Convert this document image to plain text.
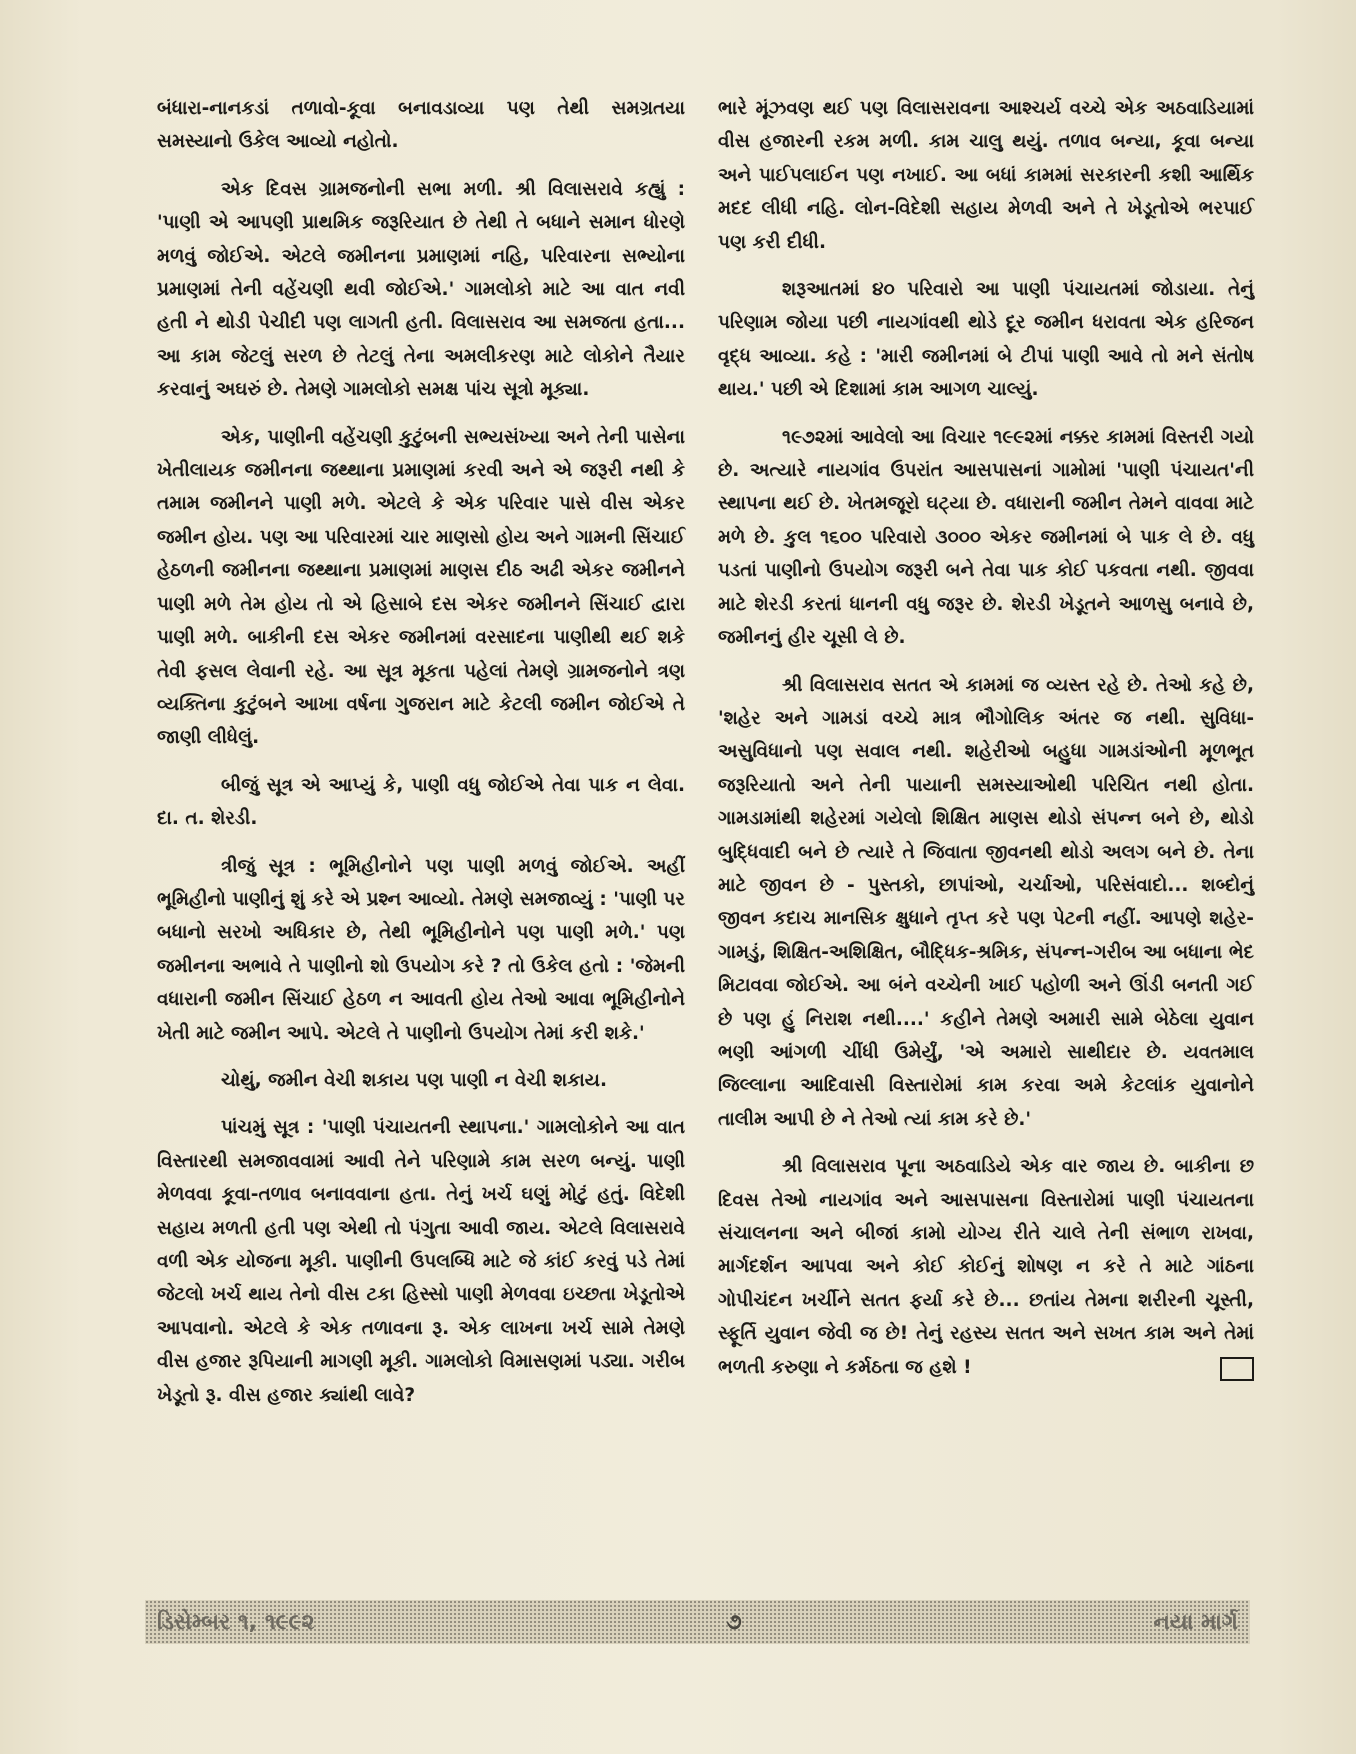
બંધારા-નાનકડાં તળાવો-કૂવા બનાવડાવ્યા પણ તેથી સમગ્રતયા સમસ્યાનો ઉકેલ આવ્યો નહોતો.

એક દિવસ ગ્રામજનોની સભા મળી. શ્રી વિલાસરાવે કહ્યું : 'પાણી એ આપણી પ્રાથમિક જરૂરિયાત છે તેથી તે બધાને સમાન ધોરણે મળવું જોઈએ. એટલે જમીનના પ્રમાણમાં નહિ, પરિવારના સભ્યોના પ્રમાણમાં તેની વહેંચણી થવી જોઈએ.' ગામલોકો માટે આ વાત નવી હતી ને થોડી પેચીદી પણ લાગતી હતી. વિલાસરાવ આ સમજતા હતા... આ કામ જેટલું સરળ છે તેટલું તેના અમલીકરણ માટે લોકોને તૈયાર કરવાનું અઘરું છે. તેમણે ગામલોકો સમક્ષ પાંચ સૂત્રો મૂક્યા.

એક, પાણીની વહેંચણી કુટુંબની સભ્યસંખ્યા અને તેની પાસેના ખેતીલાયક જમીનના જથ્થાના પ્રમાણમાં કરવી અને એ જરૂરી નથી કે તમામ જમીનને પાણી મળે. એટલે કે એક પરિવાર પાસે વીસ એકર જમીન હોય. પણ આ પરિવારમાં ચાર માણસો હોય અને ગામની સિંચાઈ હેઠળની જમીનના જથ્થાના પ્રમાણમાં માણસ દીઠ અઢી એકર જમીનને પાણી મળે તેમ હોય તો એ હિસાબે દસ એકર જમીનને સિંચાઈ દ્વારા પાણી મળે. બાકીની દસ એકર જમીનમાં વરસાદના પાણીથી થઈ શકે તેવી ફસલ લેવાની રહે. આ સૂત્ર મૂકતા પહેલાં તેમણે ગ્રામજનોને ત્રણ વ્યક્તિના કુટુંબને આખા વર્ષના ગુજરાન માટે કેટલી જમીન જોઈએ તે જાણી લીધેલું.

બીજું સૂત્ર એ આપ્યું કે, પાણી વધુ જોઈએ તેવા પાક ન લેવા. દા. ત. શેરડી.

ત્રીજું સૂત્ર : ભૂમિહીનોને પણ પાણી મળવું જોઈએ. અહીં ભૂમિહીનો પાણીનું શું કરે એ પ્રશ્ન આવ્યો. તેમણે સમજાવ્યું : 'પાણી પર બધાનો સરખો અધિકાર છે, તેથી ભૂમિહીનોને પણ પાણી મળે.' પણ જમીનના અભાવે તે પાણીનો શો ઉપયોગ કરે ? તો ઉકેલ હતો : 'જેમની વધારાની જમીન સિંચાઈ હેઠળ ન આવતી હોય તેઓ આવા ભૂમિહીનોને ખેતી માટે જમીન આપે. એટલે તે પાણીનો ઉપયોગ તેમાં કરી શકે.'

ચોથું, જમીન વેચી શકાય પણ પાણી ન વેચી શકાય.

પાંચમું સૂત્ર : 'પાણી પંચાયતની સ્થાપના.' ગામલોકોને આ વાત વિસ્તારથી સમજાવવામાં આવી તેને પરિણામે કામ સરળ બન્યું. પાણી મેળવવા કૂવા-તળાવ બનાવવાના હતા. તેનું ખર્ચ ઘણું મોટું હતું. વિદેશી સહાય મળતી હતી પણ એથી તો પંગુતા આવી જાય. એટલે વિલાસરાવે વળી એક યોજના મૂકી. પાણીની ઉપલબ્ધિ માટે જે કાંઈ કરવું પડે તેમાં જેટલો ખર્ચ થાય તેનો વીસ ટકા હિસ્સો પાણી મેળવવા ઇચ્છતા ખેડૂતોએ આપવાનો. એટલે કે એક તળાવના રૂ. એક લાખના ખર્ચ સામે તેમણે વીસ હજાર રૂપિયાની માગણી મૂકી. ગામલોકો વિમાસણમાં પડ્યા. ગરીબ ખેડૂતો રૂ. વીસ હજાર ક્યાંથી લાવે?

ભારે મૂંઝવણ થઈ પણ વિલાસરાવના આશ્ચર્ય વચ્ચે એક અઠવાડિયામાં વીસ હજારની રકમ મળી. કામ ચાલુ થયું. તળાવ બન્યા, કૂવા બન્યા અને પાઈપલાઈન પણ નખાઈ. આ બધાં કામમાં સરકારની કશી આર્થિક મદદ લીધી નહિ. લોન-વિદેશી સહાય મેળવી અને તે ખેડૂતોએ ભરપાઈ પણ કરી દીધી.

શરૂઆતમાં ૪૦ પરિવારો આ પાણી પંચાયતમાં જોડાયા. તેનું પરિણામ જોયા પછી નાયગાંવથી થોડે દૂર જમીન ધરાવતા એક હરિજન વૃદ્ધ આવ્યા. કહે : 'મારી જમીનમાં બે ટીપાં પાણી આવે તો મને સંતોષ થાય.' પછી એ દિશામાં કામ આગળ ચાલ્યું.

૧૯૭૨માં આવેલો આ વિચાર ૧૯૯૨માં નક્કર કામમાં વિસ્તરી ગયો છે. અત્યારે નાયગાંવ ઉપરાંત આસપાસનાં ગામોમાં 'પાણી પંચાયત'ની સ્થાપના થઈ છે. ખેતમજૂરો ઘટ્યા છે. વધારાની જમીન તેમને વાવવા માટે મળે છે. કુલ ૧૬૦૦ પરિવારો ૩૦૦૦ એકર જમીનમાં બે પાક લે છે. વધુ પડતાં પાણીનો ઉપયોગ જરૂરી બને તેવા પાક કોઈ પકવતા નથી. જીવવા માટે શેરડી કરતાં ધાનની વધુ જરૂર છે. શેરડી ખેડૂતને આળસુ બનાવે છે, જમીનનું હીર ચૂસી લે છે.

શ્રી વિલાસરાવ સતત એ કામમાં જ વ્યસ્ત રહે છે. તેઓ કહે છે, 'શહેર અને ગામડાં વચ્ચે માત્ર ભૌગોલિક અંતર જ નથી. સુવિધા-અસુવિધાનો પણ સવાલ નથી. શહેરીઓ બહુધા ગામડાંઓની મૂળભૂત જરૂરિયાતો અને તેની પાયાની સમસ્યાઓથી પરિચિત નથી હોતા. ગામડામાંથી શહેરમાં ગયેલો શિક્ષિત માણસ થોડો સંપન્ન બને છે, થોડો બુદ્ધિવાદી બને છે ત્યારે તે જિવાતા જીવનથી થોડો અલગ બને છે. તેના માટે જીવન છે - પુસ્તકો, છાપાંઓ, ચર્ચાઓ, પરિસંવાદો... શબ્દોનું જીવન કદાચ માનસિક ક્ષુધાને તૃપ્ત કરે પણ પેટની નહીં. આપણે શહેર-ગામડું, શિક્ષિત-અશિક્ષિત, બૌદ્ધિક-શ્રમિક, સંપન્ન-ગરીબ આ બધાના ભેદ મિટાવવા જોઈએ. આ બંને વચ્ચેની ખાઈ પહોળી અને ઊંડી બનતી ગઈ છે પણ હું નિરાશ નથી....' કહીને તેમણે અમારી સામે બેઠેલા યુવાન ભણી આંગળી ચીંધી ઉમેર્યું, 'એ અમારો સાથીદાર છે. યવતમાલ જિલ્લાના આદિવાસી વિસ્તારોમાં કામ કરવા અમે કેટલાંક યુવાનોને તાલીમ આપી છે ને તેઓ ત્યાં કામ કરે છે.'

શ્રી વિલાસરાવ પૂના અઠવાડિયે એક વાર જાય છે. બાકીના છ દિવસ તેઓ નાયગાંવ અને આસપાસના વિસ્તારોમાં પાણી પંચાયતના સંચાલનના અને બીજાં કામો યોગ્ય રીતે ચાલે તેની સંભાળ રાખવા, માર્ગદર્શન આપવા અને કોઈ કોઈનું શોષણ ન કરે તે માટે ગાંઠના ગોપીચંદન ખર્ચીને સતત ફર્યા કરે છે... છતાંય તેમના શરીરની ચૂસ્તી, સ્ફૂર્તિ યુવાન જેવી જ છે! તેનું રહસ્ય સતત અને સખત કામ અને તેમાં ભળતી કરુણા ને કર્મઠતા જ હશે !

ડિસેમ્બર ૧, ૧૯૯૨	૭	નયા માર્ગ
